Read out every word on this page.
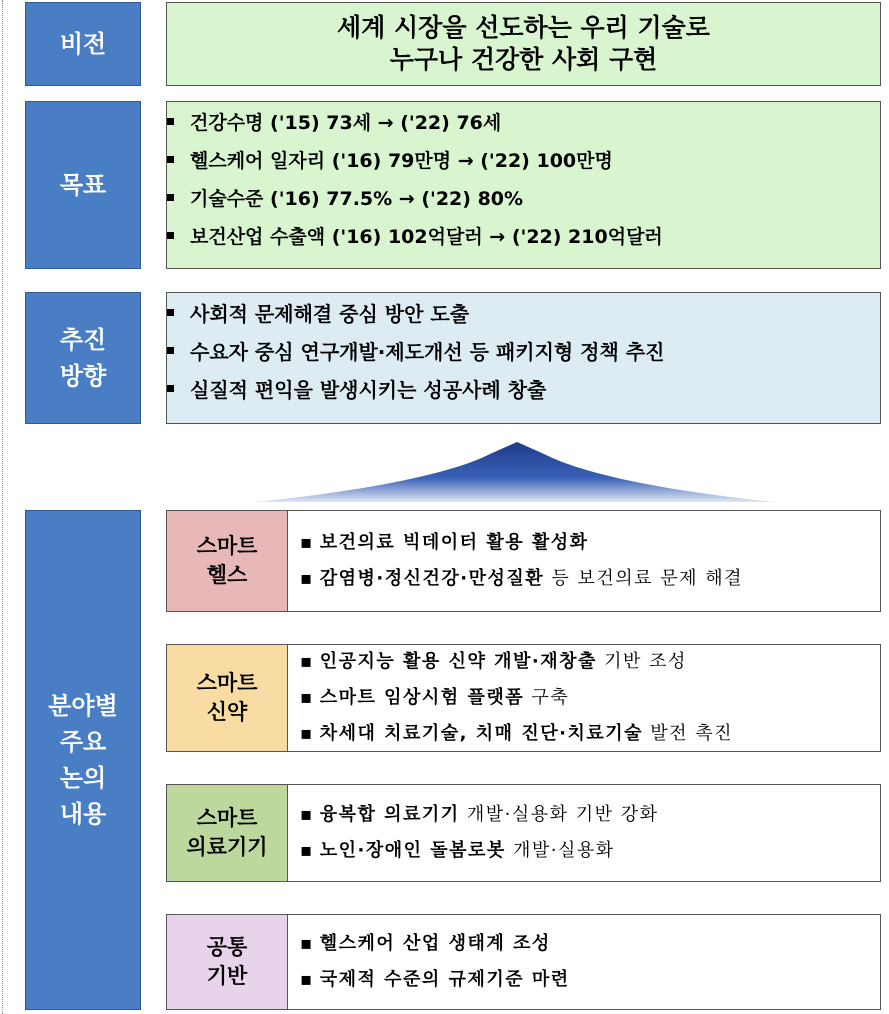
비전
세계 시장을 선도하는 우리 기술로
누구나 건강한 사회 구현
목표
건강수명 ('15) 73세 → ('22) 76세
헬스케어 일자리 ('16) 79만명 → ('22) 100만명
기술수준 ('16) 77.5% → ('22) 80%
보건산업 수출액 ('16) 102억달러 → ('22) 210억달러
추진
방향
사회적 문제해결 중심 방안 도출
수요자 중심 연구개발·제도개선 등 패키지형 정책 추진
실질적 편익을 발생시키는 성공사례 창출
분야별
주요
논의
내용
스마트
헬스
▪ 보건의료 빅데이터 활용 활성화
▪ 감염병·정신건강·만성질환 등 보건의료 문제 해결
스마트
신약
▪ 인공지능 활용 신약 개발·재창출 기반 조성
▪ 스마트 임상시험 플랫폼 구축
▪ 차세대 치료기술, 치매 진단·치료기술 발전 촉진
스마트
의료기기
▪ 융복합 의료기기 개발·실용화 기반 강화
▪ 노인·장애인 돌봄로봇 개발·실용화
공통
기반
▪ 헬스케어 산업 생태계 조성
▪ 국제적 수준의 규제기준 마련
